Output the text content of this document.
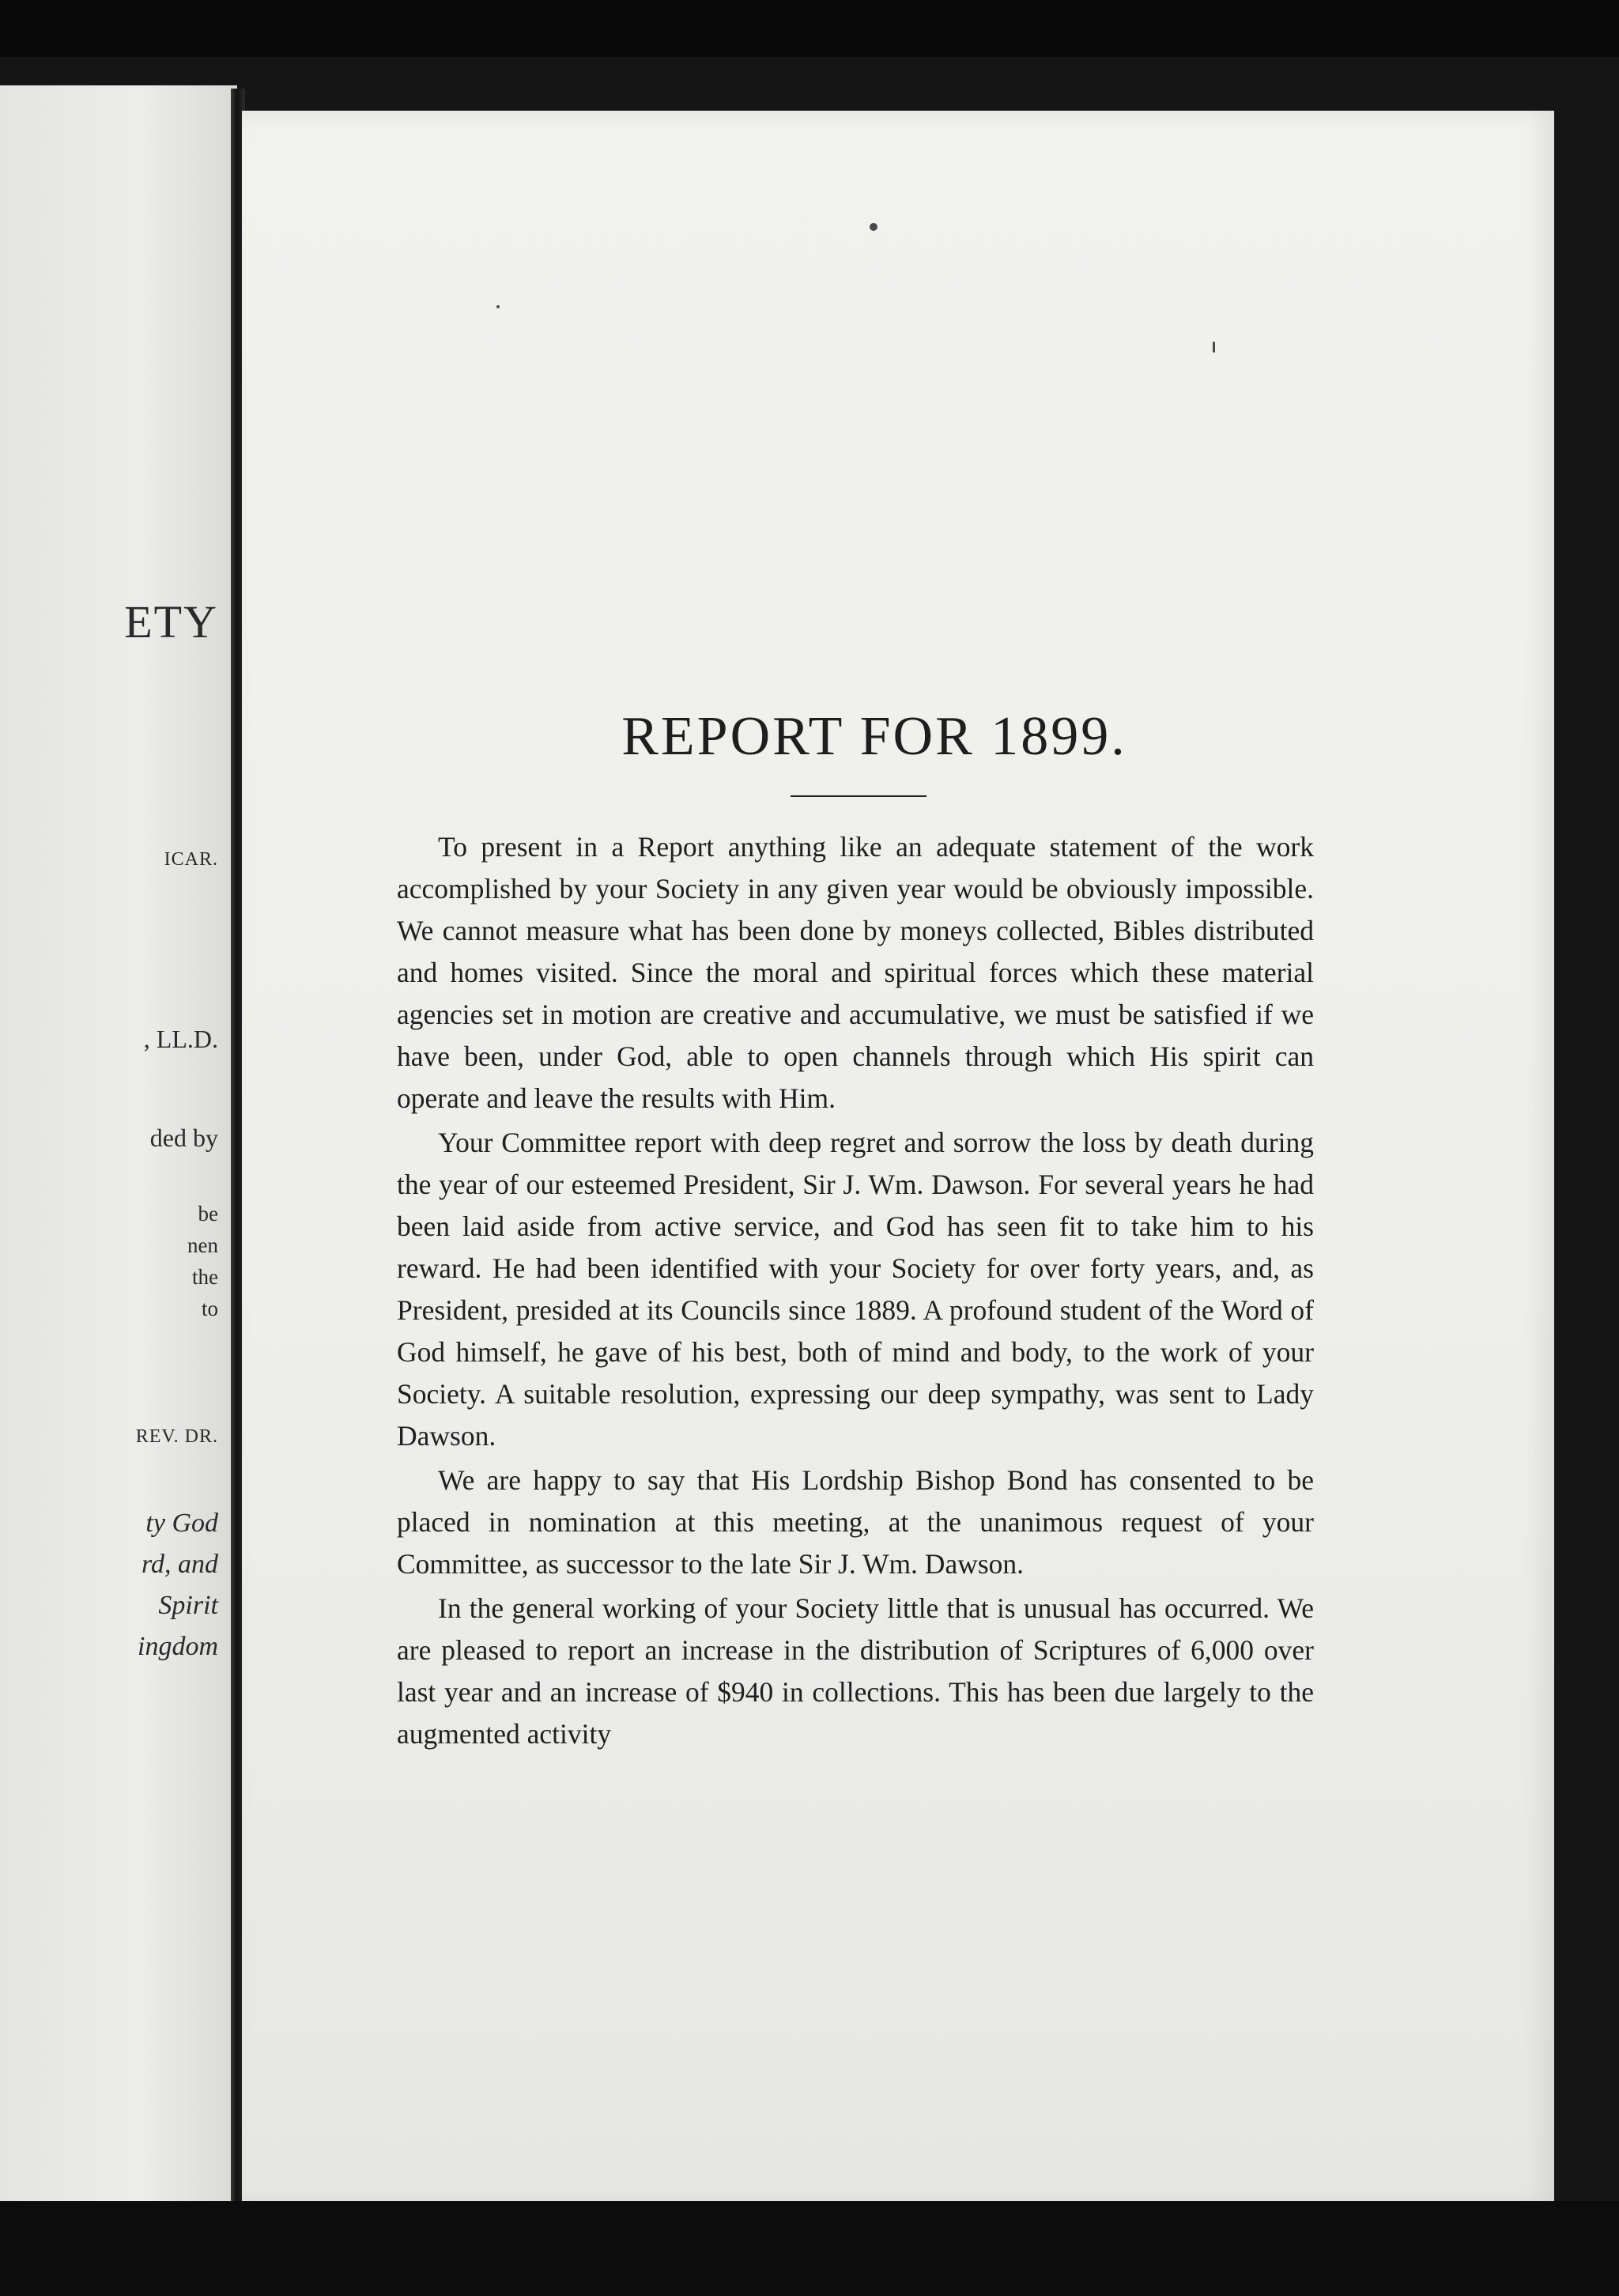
ETY
ICAR.
, LL.D.
ded by
be
nen
the
to
REV. DR.
ty God
rd, and
Spirit
ingdom
REPORT FOR 1899.

To present in a Report anything like an adequate statement of the work accomplished by your Society in any given year would be obviously impossible. We cannot measure what has been done by moneys collected, Bibles distributed and homes visited. Since the moral and spiritual forces which these material agencies set in motion are creative and accumulative, we must be satisfied if we have been, under God, able to open channels through which His spirit can operate and leave the results with Him.

Your Committee report with deep regret and sorrow the loss by death during the year of our esteemed President, Sir J. Wm. Dawson. For several years he had been laid aside from active service, and God has seen fit to take him to his reward. He had been identified with your Society for over forty years, and, as President, presided at its Councils since 1889. A profound student of the Word of God himself, he gave of his best, both of mind and body, to the work of your Society. A suitable resolution, expressing our deep sympathy, was sent to Lady Dawson.

We are happy to say that His Lordship Bishop Bond has consented to be placed in nomination at this meeting, at the unanimous request of your Committee, as successor to the late Sir J. Wm. Dawson.

In the general working of your Society little that is unusual has occurred. We are pleased to report an increase in the distribution of Scriptures of 6,000 over last year and an increase of $940 in collections. This has been due largely to the augmented activity
